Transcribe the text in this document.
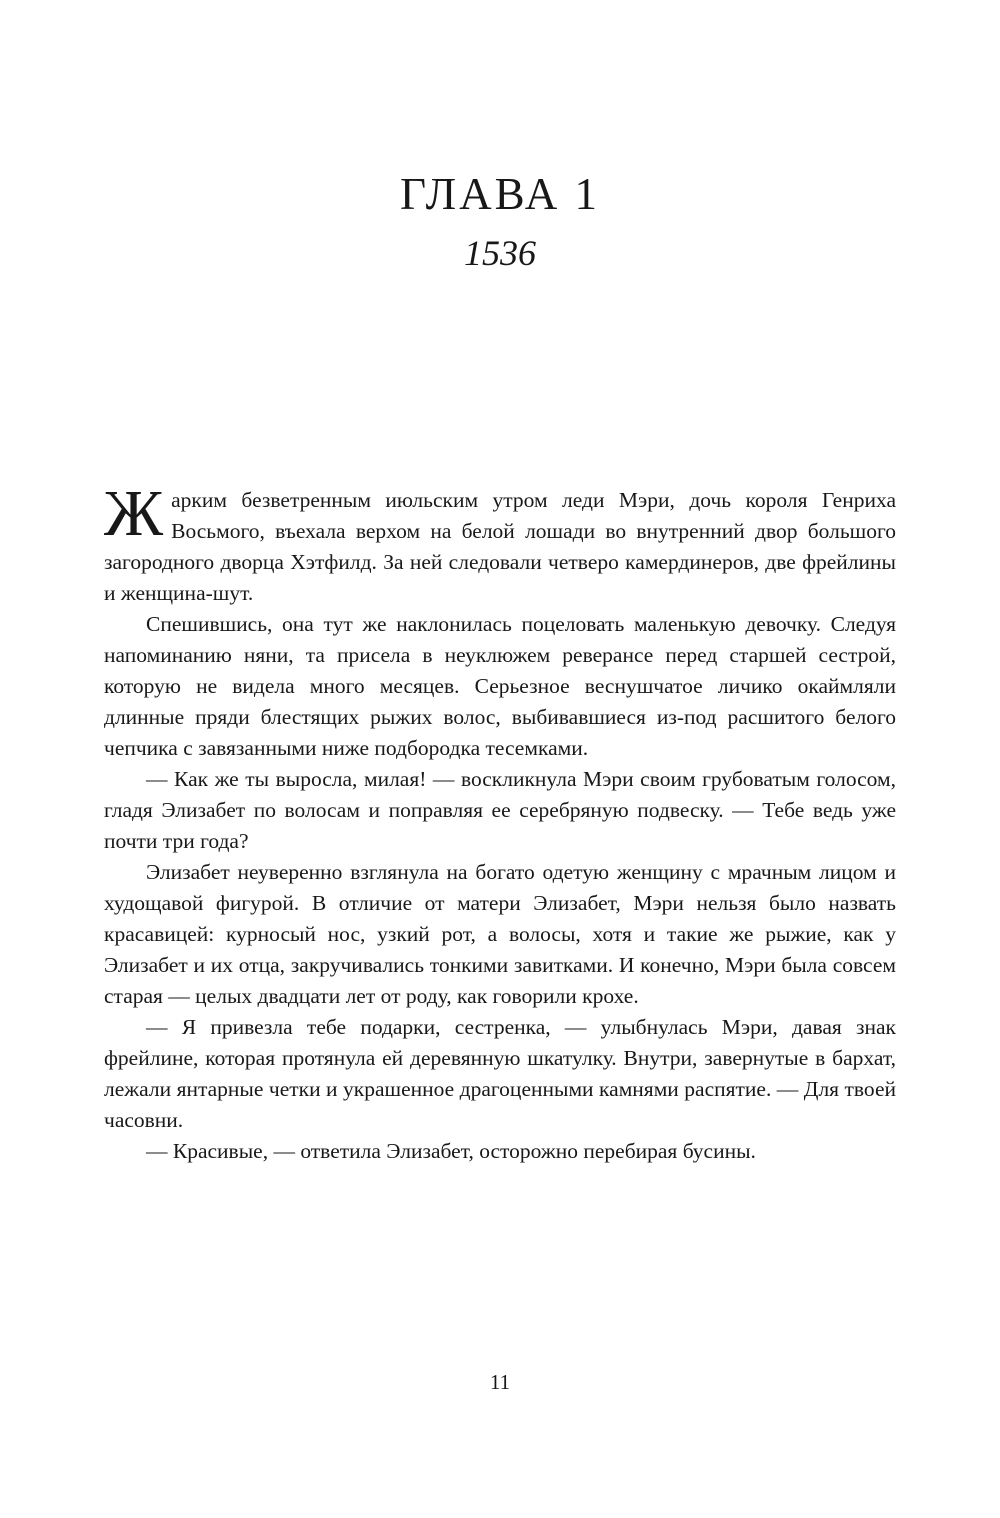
ГЛАВА 1
1536

Жарким безветренным июльским утром леди Мэри, дочь короля Генриха Восьмого, въехала верхом на белой лошади во внутренний двор большого загородного дворца Хэтфилд. За ней следовали четверо камердинеров, две фрейлины и женщина-шут.

Спешившись, она тут же наклонилась поцеловать маленькую девочку. Следуя напоминанию няни, та присела в неуклюжем реверансе перед старшей сестрой, которую не видела много месяцев. Серьезное веснушчатое личико окаймляли длинные пряди блестящих рыжих волос, выбивавшиеся из-под расшитого белого чепчика с завязанными ниже подбородка тесемками.

— Как же ты выросла, милая! — воскликнула Мэри своим грубоватым голосом, гладя Элизабет по волосам и поправляя ее серебряную подвеску. — Тебе ведь уже почти три года?

Элизабет неуверенно взглянула на богато одетую женщину с мрачным лицом и худощавой фигурой. В отличие от матери Элизабет, Мэри нельзя было назвать красавицей: курносый нос, узкий рот, а волосы, хотя и такие же рыжие, как у Элизабет и их отца, закручивались тонкими завитками. И конечно, Мэри была совсем старая — целых двадцати лет от роду, как говорили крохе.

— Я привезла тебе подарки, сестренка, — улыбнулась Мэри, давая знак фрейлине, которая протянула ей деревянную шкатулку. Внутри, завернутые в бархат, лежали янтарные четки и украшенное драгоценными камнями распятие. — Для твоей часовни.

— Красивые, — ответила Элизабет, осторожно перебирая бусины.

11
